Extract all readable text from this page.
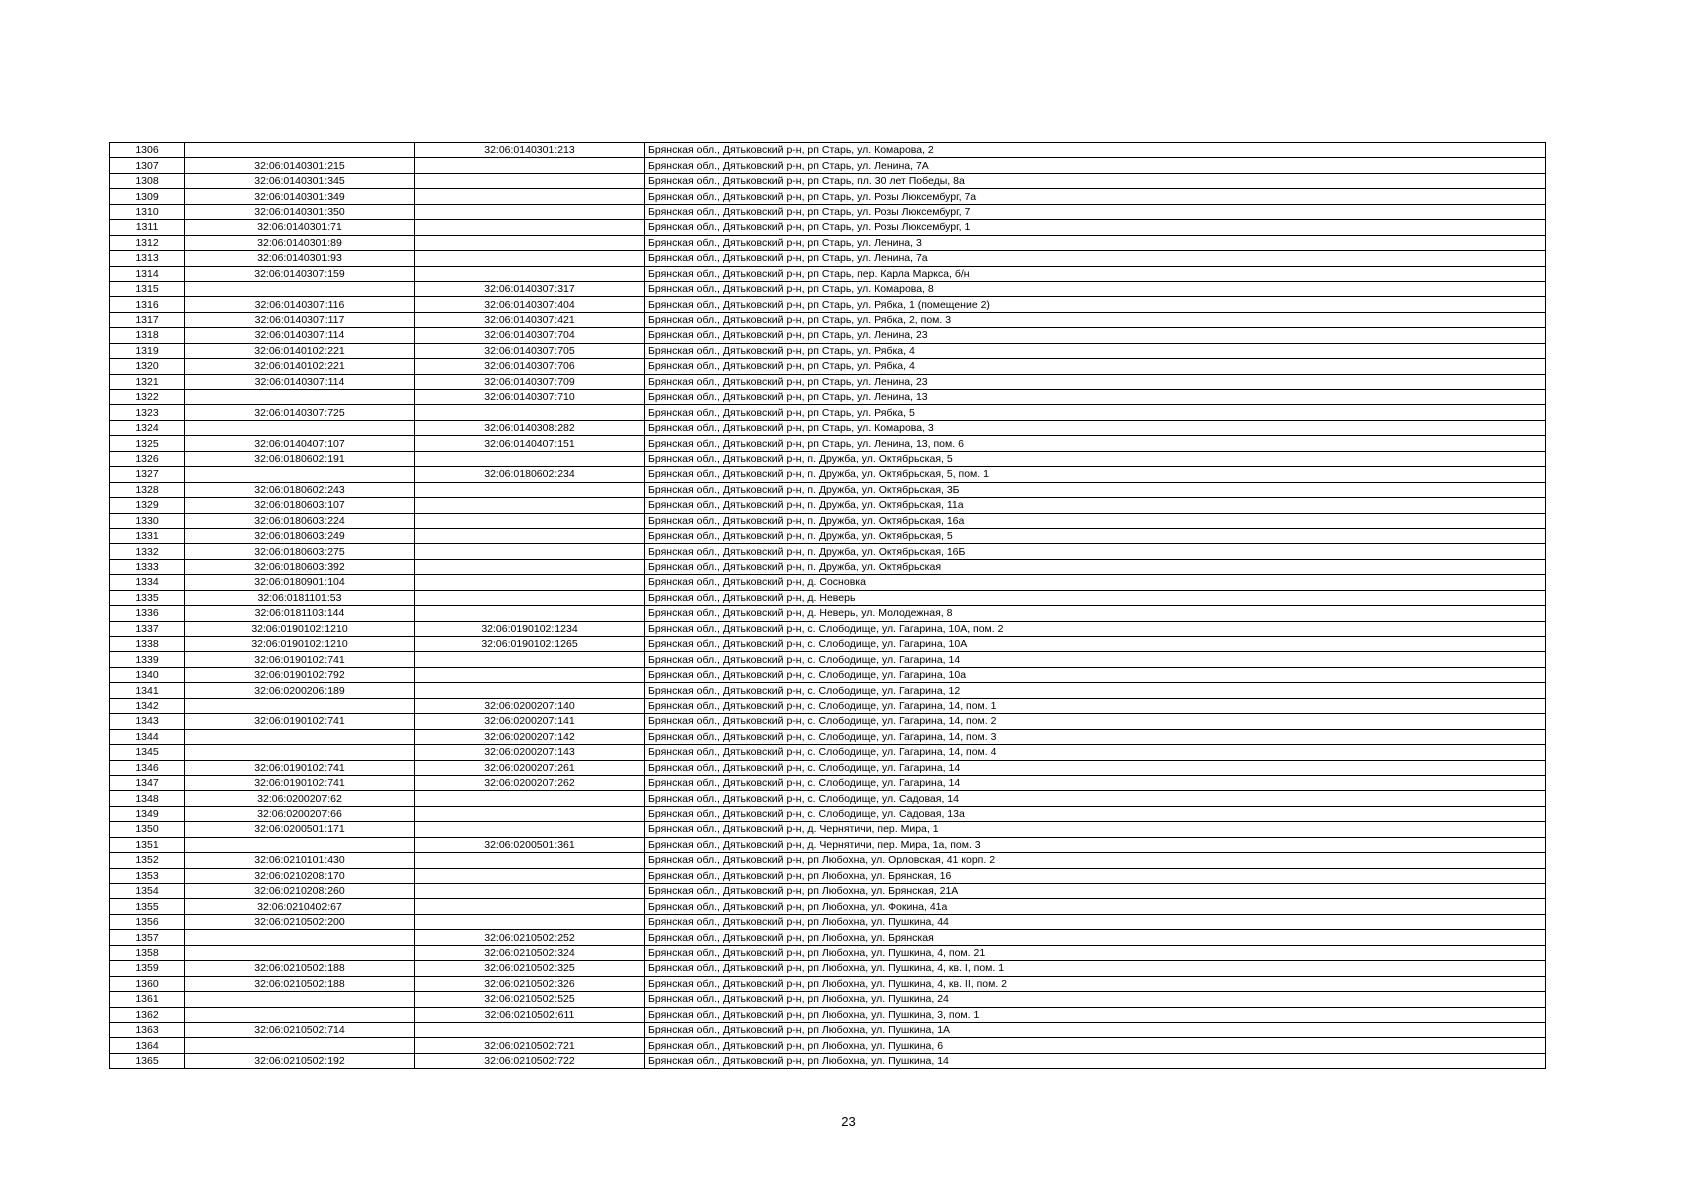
1306		32:06:0140301:213	Брянская обл., Дятьковский р-н, рп Старь, ул. Комарова, 2
1307	32:06:0140301:215		Брянская обл., Дятьковский р-н, рп Старь, ул. Ленина, 7А
1308	32:06:0140301:345		Брянская обл., Дятьковский р-н, рп Старь, пл. 30 лет Победы, 8а
1309	32:06:0140301:349		Брянская обл., Дятьковский р-н, рп Старь, ул. Розы Люксембург, 7а
1310	32:06:0140301:350		Брянская обл., Дятьковский р-н, рп Старь, ул. Розы Люксембург, 7
1311	32:06:0140301:71		Брянская обл., Дятьковский р-н, рп Старь, ул. Розы Люксембург, 1
1312	32:06:0140301:89		Брянская обл., Дятьковский р-н, рп Старь, ул. Ленина, 3
1313	32:06:0140301:93		Брянская обл., Дятьковский р-н, рп Старь, ул. Ленина, 7а
1314	32:06:0140307:159		Брянская обл., Дятьковский р-н, рп Старь, пер. Карла Маркса, б/н
1315		32:06:0140307:317	Брянская обл., Дятьковский р-н, рп Старь, ул. Комарова, 8
1316	32:06:0140307:116	32:06:0140307:404	Брянская обл., Дятьковский р-н, рп Старь, ул. Рябка, 1 (помещение 2)
1317	32:06:0140307:117	32:06:0140307:421	Брянская обл., Дятьковский р-н, рп Старь, ул. Рябка, 2, пом. 3
1318	32:06:0140307:114	32:06:0140307:704	Брянская обл., Дятьковский р-н, рп Старь, ул. Ленина, 23
1319	32:06:0140102:221	32:06:0140307:705	Брянская обл., Дятьковский р-н, рп Старь, ул. Рябка, 4
1320	32:06:0140102:221	32:06:0140307:706	Брянская обл., Дятьковский р-н, рп Старь, ул. Рябка, 4
1321	32:06:0140307:114	32:06:0140307:709	Брянская обл., Дятьковский р-н, рп Старь, ул. Ленина, 23
1322		32:06:0140307:710	Брянская обл., Дятьковский р-н, рп Старь, ул. Ленина, 13
1323	32:06:0140307:725		Брянская обл., Дятьковский р-н, рп Старь, ул. Рябка, 5
1324		32:06:0140308:282	Брянская обл., Дятьковский р-н, рп Старь, ул. Комарова, 3
1325	32:06:0140407:107	32:06:0140407:151	Брянская обл., Дятьковский р-н, рп Старь, ул. Ленина, 13, пом. 6
1326	32:06:0180602:191		Брянская обл., Дятьковский р-н, п. Дружба, ул. Октябрьская, 5
1327		32:06:0180602:234	Брянская обл., Дятьковский р-н, п. Дружба, ул. Октябрьская, 5, пом. 1
1328	32:06:0180602:243		Брянская обл., Дятьковский р-н, п. Дружба, ул. Октябрьская, 3Б
1329	32:06:0180603:107		Брянская обл., Дятьковский р-н, п. Дружба, ул. Октябрьская, 11а
1330	32:06:0180603:224		Брянская обл., Дятьковский р-н, п. Дружба, ул. Октябрьская, 16а
1331	32:06:0180603:249		Брянская обл., Дятьковский р-н, п. Дружба, ул. Октябрьская, 5
1332	32:06:0180603:275		Брянская обл., Дятьковский р-н, п. Дружба, ул. Октябрьская, 16Б
1333	32:06:0180603:392		Брянская обл., Дятьковский р-н, п. Дружба, ул. Октябрьская
1334	32:06:0180901:104		Брянская обл., Дятьковский р-н, д. Сосновка
1335	32:06:0181101:53		Брянская обл., Дятьковский р-н, д. Неверь
1336	32:06:0181103:144		Брянская обл., Дятьковский р-н, д. Неверь, ул. Молодежная, 8
1337	32:06:0190102:1210	32:06:0190102:1234	Брянская обл., Дятьковский р-н, с. Слободище, ул. Гагарина, 10А, пом. 2
1338	32:06:0190102:1210	32:06:0190102:1265	Брянская обл., Дятьковский р-н, с. Слободище, ул. Гагарина, 10А
1339	32:06:0190102:741		Брянская обл., Дятьковский р-н, с. Слободище, ул. Гагарина, 14
1340	32:06:0190102:792		Брянская обл., Дятьковский р-н, с. Слободище, ул. Гагарина, 10а
1341	32:06:0200206:189		Брянская обл., Дятьковский р-н, с. Слободище, ул. Гагарина, 12
1342		32:06:0200207:140	Брянская обл., Дятьковский р-н, с. Слободище, ул. Гагарина, 14, пом. 1
1343	32:06:0190102:741	32:06:0200207:141	Брянская обл., Дятьковский р-н, с. Слободище, ул. Гагарина, 14, пом. 2
1344		32:06:0200207:142	Брянская обл., Дятьковский р-н, с. Слободище, ул. Гагарина, 14, пом. 3
1345		32:06:0200207:143	Брянская обл., Дятьковский р-н, с. Слободище, ул. Гагарина, 14, пом. 4
1346	32:06:0190102:741	32:06:0200207:261	Брянская обл., Дятьковский р-н, с. Слободище, ул. Гагарина, 14
1347	32:06:0190102:741	32:06:0200207:262	Брянская обл., Дятьковский р-н, с. Слободище, ул. Гагарина, 14
1348	32:06:0200207:62		Брянская обл., Дятьковский р-н, с. Слободище, ул. Садовая, 14
1349	32:06:0200207:66		Брянская обл., Дятьковский р-н, с. Слободище, ул. Садовая, 13а
1350	32:06:0200501:171		Брянская обл., Дятьковский р-н, д. Чернятичи, пер. Мира, 1
1351		32:06:0200501:361	Брянская обл., Дятьковский р-н, д. Чернятичи, пер. Мира, 1а, пом. 3
1352	32:06:0210101:430		Брянская обл., Дятьковский р-н, рп Любохна, ул. Орловская, 41 корп. 2
1353	32:06:0210208:170		Брянская обл., Дятьковский р-н, рп Любохна, ул. Брянская, 16
1354	32:06:0210208:260		Брянская обл., Дятьковский р-н, рп Любохна, ул. Брянская, 21А
1355	32:06:0210402:67		Брянская обл., Дятьковский р-н, рп Любохна, ул. Фокина, 41а
1356	32:06:0210502:200		Брянская обл., Дятьковский р-н, рп Любохна, ул. Пушкина, 44
1357		32:06:0210502:252	Брянская обл., Дятьковский р-н, рп Любохна, ул. Брянская
1358		32:06:0210502:324	Брянская обл., Дятьковский р-н, рп Любохна, ул. Пушкина, 4, пом. 21
1359	32:06:0210502:188	32:06:0210502:325	Брянская обл., Дятьковский р-н, рп Любохна, ул. Пушкина, 4, кв. I, пом. 1
1360	32:06:0210502:188	32:06:0210502:326	Брянская обл., Дятьковский р-н, рп Любохна, ул. Пушкина, 4, кв. II, пом. 2
1361		32:06:0210502:525	Брянская обл., Дятьковский р-н, рп Любохна, ул. Пушкина, 24
1362		32:06:0210502:611	Брянская обл., Дятьковский р-н, рп Любохна, ул. Пушкина, 3, пом. 1
1363	32:06:0210502:714		Брянская обл., Дятьковский р-н, рп Любохна, ул. Пушкина, 1А
1364		32:06:0210502:721	Брянская обл., Дятьковский р-н, рп Любохна, ул. Пушкина, 6
1365	32:06:0210502:192	32:06:0210502:722	Брянская обл., Дятьковский р-н, рп Любохна, ул. Пушкина, 14
23
